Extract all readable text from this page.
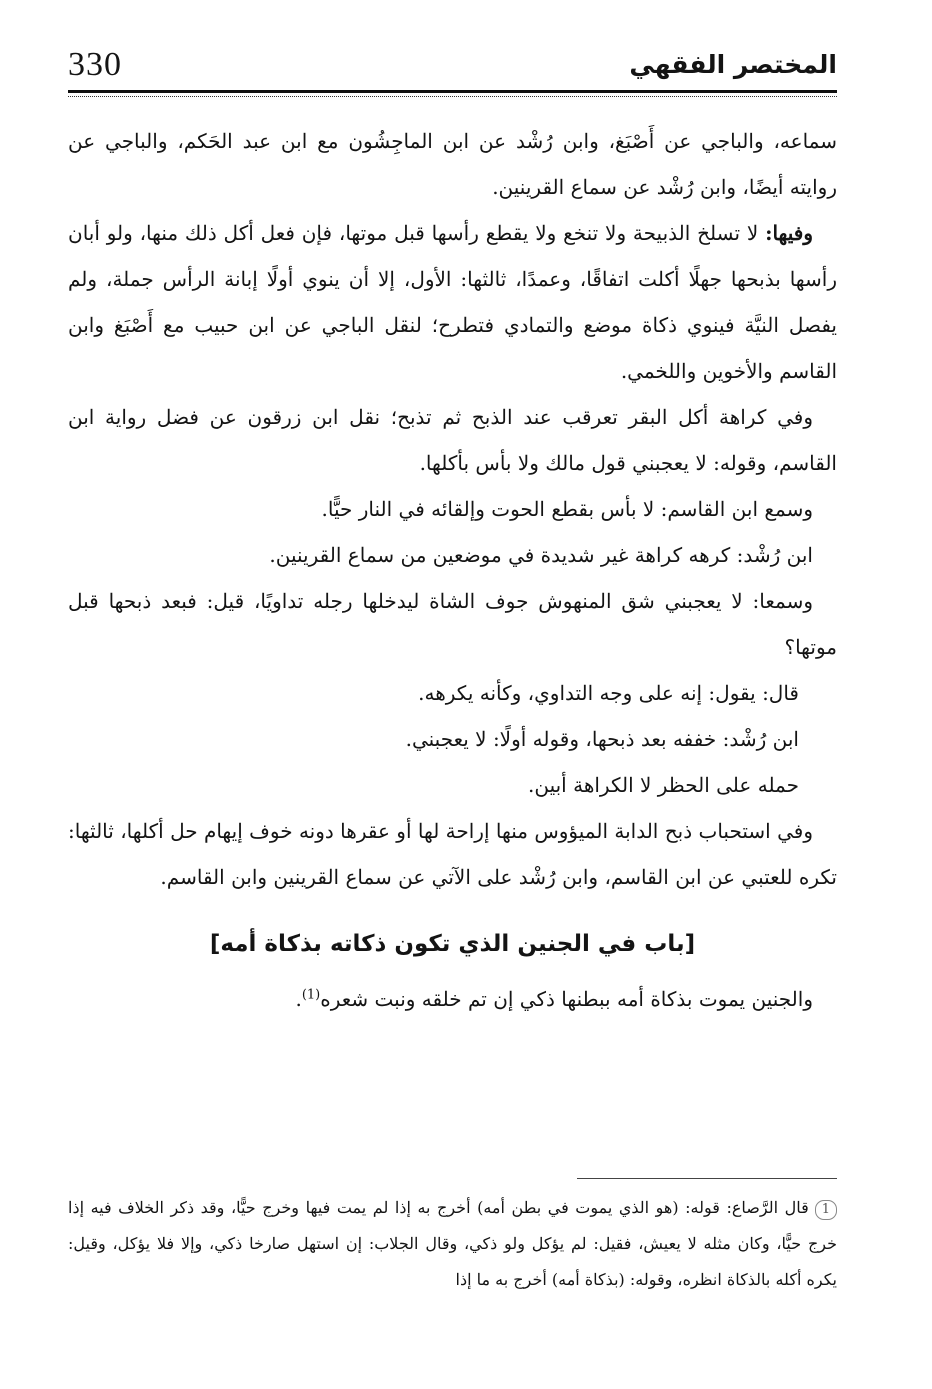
330	المختصر الفقهي

سماعه، والباجي عن أَصْبَغ، وابن رُشْد عن ابن الماجِشُون مع ابن عبد الحَكم، والباجي عن روايته أيضًا، وابن رُشْد عن سماع القرينين.

وفيها: لا تسلخ الذبيحة ولا تنخع ولا يقطع رأسها قبل موتها، فإن فعل أكل ذلك منها، ولو أبان رأسها بذبحها جهلًا أكلت اتفاقًا، وعمدًا، ثالثها: الأول، إلا أن ينوي أولًا إبانة الرأس جملة، ولم يفصل النيَّة فينوي ذكاة موضع والتمادي فتطرح؛ لنقل الباجي عن ابن حبيب مع أَصْبَغ وابن القاسم والأخوين واللخمي.

وفي كراهة أكل البقر تعرقب عند الذبح ثم تذبح؛ نقل ابن زرقون عن فضل رواية ابن القاسم، وقوله: لا يعجبني قول مالك ولا بأس بأكلها.

وسمع ابن القاسم: لا بأس بقطع الحوت وإلقائه في النار حيًّا.

ابن رُشْد: كرهه كراهة غير شديدة في موضعين من سماع القرينين.

وسمعا: لا يعجبني شق المنهوش جوف الشاة ليدخلها رجله تداويًا، قيل: فبعد ذبحها قبل موتها؟

قال: يقول: إنه على وجه التداوي، وكأنه يكرهه.

ابن رُشْد: خففه بعد ذبحها، وقوله أولًا: لا يعجبني.

حمله على الحظر لا الكراهة أبين.

وفي استحباب ذبح الدابة الميؤوس منها إراحة لها أو عقرها دونه خوف إيهام حل أكلها، ثالثها: تكره للعتبي عن ابن القاسم، وابن رُشْد على الآتي عن سماع القرينين وابن القاسم.

[باب في الجنين الذي تكون ذكاته بذكاة أمه]

والجنين يموت بذكاة أمه ببطنها ذكي إن تم خلقه ونبت شعره$^{(1)}$.

1قال الرَّصاع: قوله: (هو الذي يموت في بطن أمه) أخرج به إذا لم يمت فيها وخرج حيًّا، وقد ذكر الخلاف فيه إذا خرج حيًّا، وكان مثله لا يعيش، فقيل: لم يؤكل ولو ذكي، وقال الجلاب: إن استهل صارخا ذكي، وإلا فلا يؤكل، وقيل: يكره أكله بالذكاة انظره، وقوله: (بذكاة أمه) أخرج به ما إذا
